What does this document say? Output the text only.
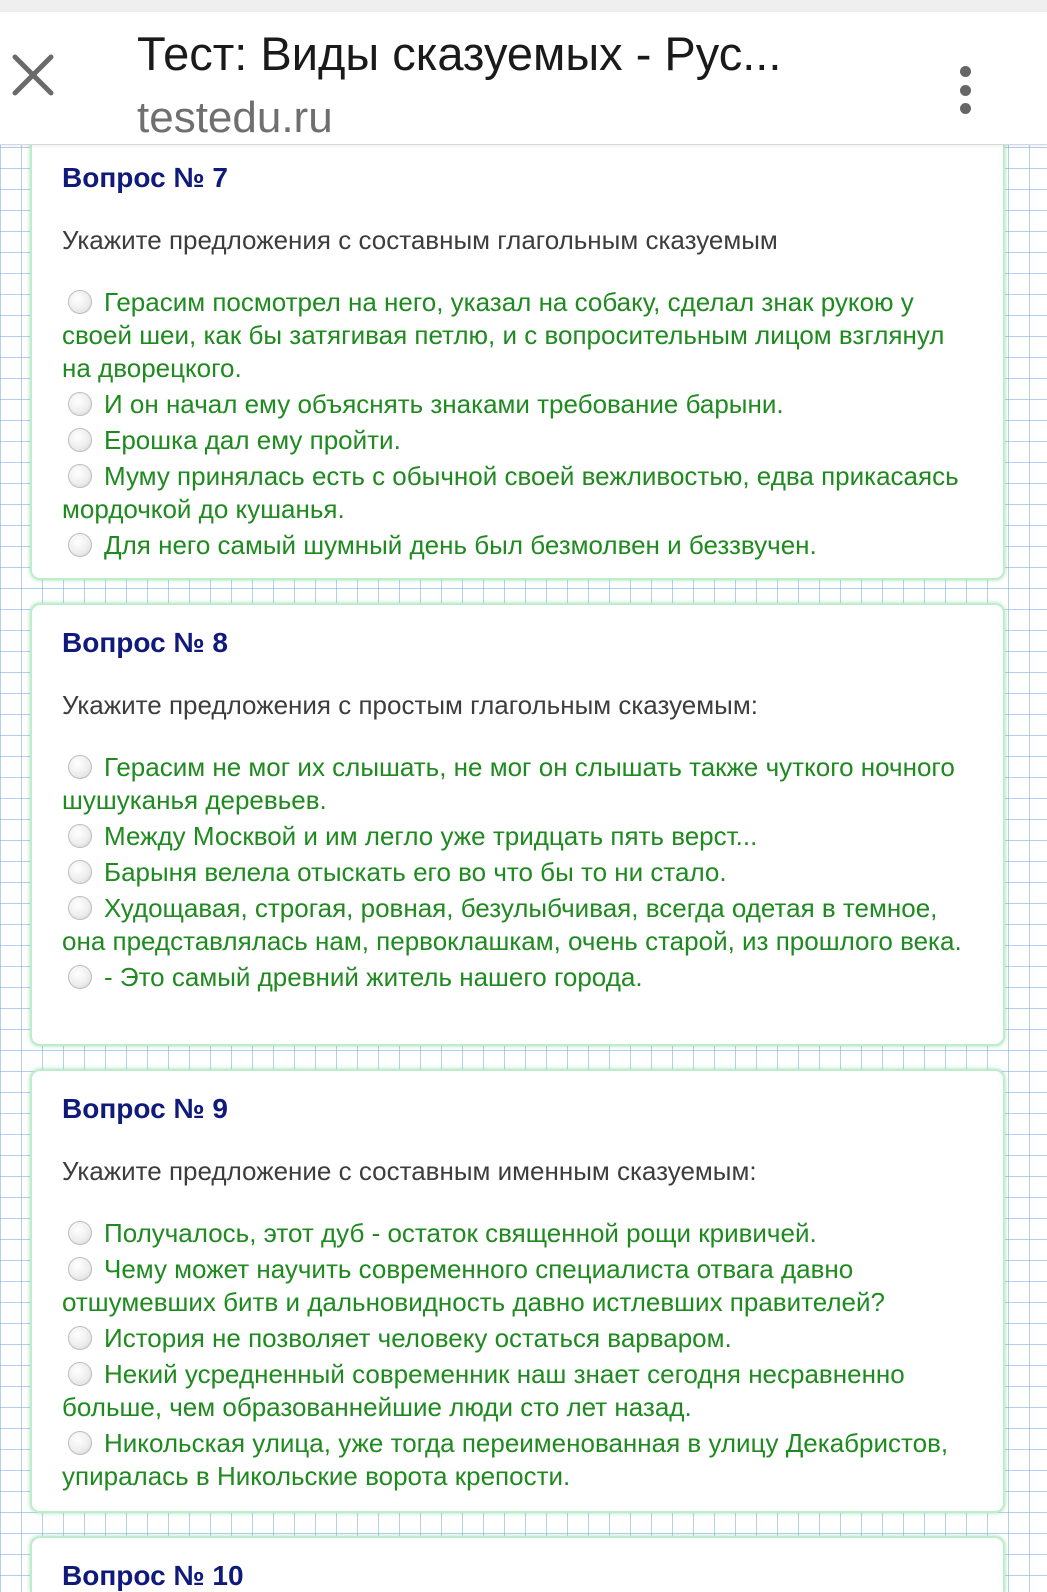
Тест: Виды сказуемых - Рус...
testedu.ru
Вопрос № 7
Укажите предложения с составным глагольным сказуемым
Герасим посмотрел на него, указал на собаку, сделал знак рукою у своей шеи, как бы затягивая петлю, и с вопросительным лицом взглянул на дворецкого.
И он начал ему объяснять знаками требование барыни.
Ерошка дал ему пройти.
Муму принялась есть с обычной своей вежливостью, едва прикасаясь мордочкой до кушанья.
Для него самый шумный день был безмолвен и беззвучен.
Вопрос № 8
Укажите предложения с простым глагольным сказуемым:
Герасим не мог их слышать, не мог он слышать также чуткого ночного шушуканья деревьев.
Между Москвой и им легло уже тридцать пять верст...
Барыня велела отыскать его во что бы то ни стало.
Худощавая, строгая, ровная, безулыбчивая, всегда одетая в темное, она представлялась нам, первоклашкам, очень старой, из прошлого века.
- Это самый древний житель нашего города.
Вопрос № 9
Укажите предложение с составным именным сказуемым:
Получалось, этот дуб - остаток священной рощи кривичей.
Чему может научить современного специалиста отвага давно отшумевших битв и дальновидность давно истлевших правителей?
История не позволяет человеку остаться варваром.
Некий усредненный современник наш знает сегодня несравненно больше, чем образованнейшие люди сто лет назад.
Никольская улица, уже тогда переименованная в улицу Декабристов, упиралась в Никольские ворота крепости.
Вопрос № 10
